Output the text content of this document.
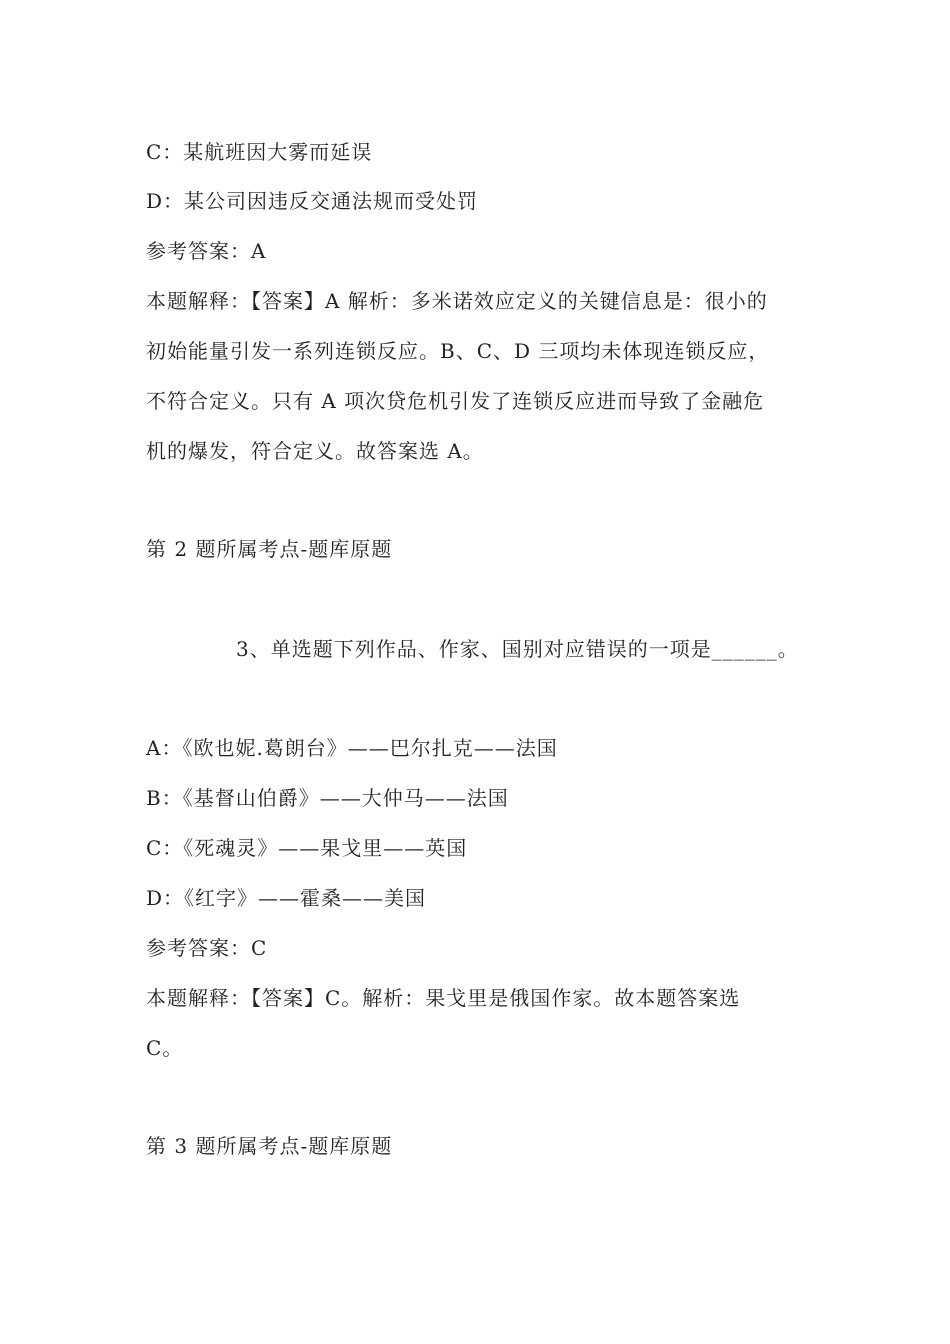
C：某航班因大雾而延误
D：某公司因违反交通法规而受处罚
参考答案：A
本题解释：【答案】A 解析：多米诺效应定义的关键信息是：很小的
初始能量引发一系列连锁反应。B、C、D 三项均未体现连锁反应，
不符合定义。只有 A 项次贷危机引发了连锁反应进而导致了金融危
机的爆发，符合定义。故答案选 A。
第 2 题所属考点-题库原题
3、单选题下列作品、作家、国别对应错误的一项是______。
A：《欧也妮.葛朗台》——巴尔扎克——法国
B：《基督山伯爵》——大仲马——法国
C：《死魂灵》——果戈里——英国
D：《红字》——霍桑——美国
参考答案：C
本题解释：【答案】C。解析：果戈里是俄国作家。故本题答案选
C。
第 3 题所属考点-题库原题
